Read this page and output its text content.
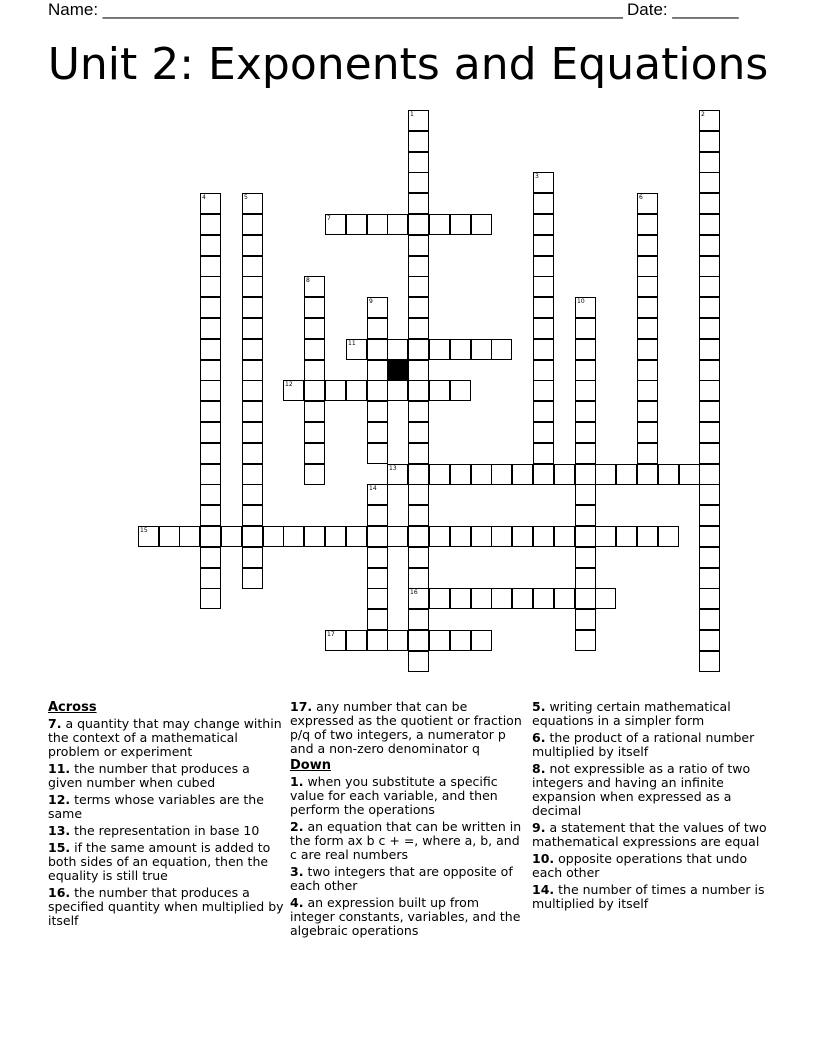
Name: _______________________________________________________ Date: _______
Unit 2: Exponents and Equations
1
16
2
3
4	5	6
7
8
9	10
11
12
13
14
15
17
Across
7. a quantity that may change within the context of a mathematical problem or experiment
11. the number that produces a given number when cubed
12. terms whose variables are the same
13. the representation in base 10
15. if the same amount is added to both sides of an equation, then the equality is still true
16. the number that produces a specified quantity when multiplied by itself
17. any number that can be expressed as the quotient or fraction p/q of two integers, a numerator p and a non-zero denominator q
Down
1. when you substitute a specific value for each variable, and then perform the operations
2. an equation that can be written in the form ax b c + =, where a, b, and c are real numbers
3. two integers that are opposite of each other
4. an expression built up from integer constants, variables, and the algebraic operations
5. writing certain mathematical equations in a simpler form
6. the product of a rational number multiplied by itself
8. not expressible as a ratio of two integers and having an infinite expansion when expressed as a decimal
9. a statement that the values of two mathematical expressions are equal
10. opposite operations that undo each other
14. the number of times a number is multiplied by itself
